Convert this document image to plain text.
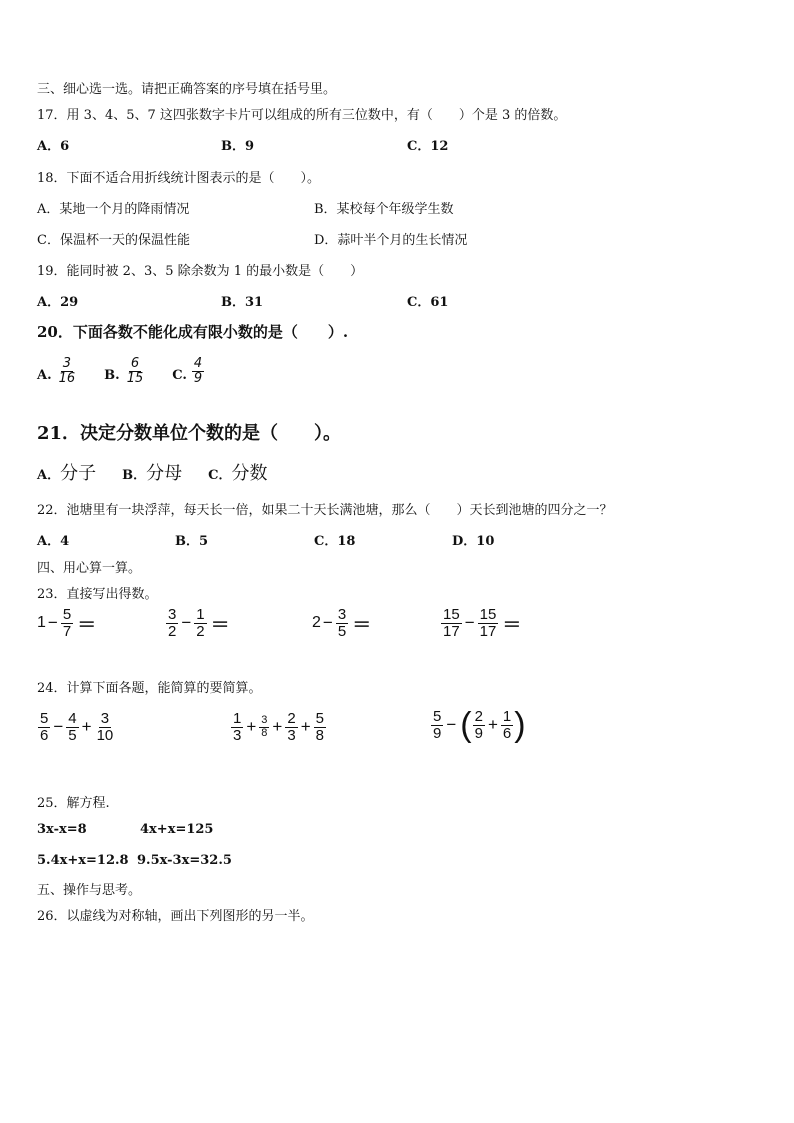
三、细心选一选。请把正确答案的序号填在括号里。
17．用 3、4、5、7 这四张数字卡片可以组成的所有三位数中，有（　　）个是 3 的倍数。
A．6	B．9	C．12
18．下面不适合用折线统计图表示的是（　　）。
A．某地一个月的降雨情况	B．某校每个年级学生数
C．保温杯一天的保温性能	D．蒜叶半个月的生长情况
19．能同时被 2、3、5 除余数为 1 的最小数是（　　）
A．29	B．31	C．61
20．下面各数不能化成有限小数的是（　　）.
A. $\frac{3}{16} B$. $\frac{6}{15} C$. $\frac{4}{9}$
21．决定分数单位个数的是（　　）。
A． 分子 B． 分母 C． 分数
22．池塘里有一块浮萍，每天长一倍，如果二十天长满池塘，那么（　　）天长到池塘的四分之一？
A．4	B．5	C．18	D．10
四、用心算一算。
23．直接写出得数。
$1 - \frac{5}{7}$ ＝	$\frac{3}{2} - \frac{1}{2}$ ＝	$2 - \frac{3}{5}$ ＝	$\frac{15}{17} - \frac{15}{17}$ ＝
24．计算下面各题，能简算的要简算。
$\frac{5}{6} - \frac{4}{5} + \frac{3}{10}$	$\frac{1}{3} + \frac{3}{8} + \frac{2}{3} + \frac{5}{8}$	$\frac{5}{9}$ − ( $\frac{2}{9} + \frac{1}{6}$ )
25．解方程.
3x-x=8	4x+x=125
5.4x+x=12.8 9.5x-3x=32.5
五、操作与思考。
26．以虚线为对称轴，画出下列图形的另一半。
